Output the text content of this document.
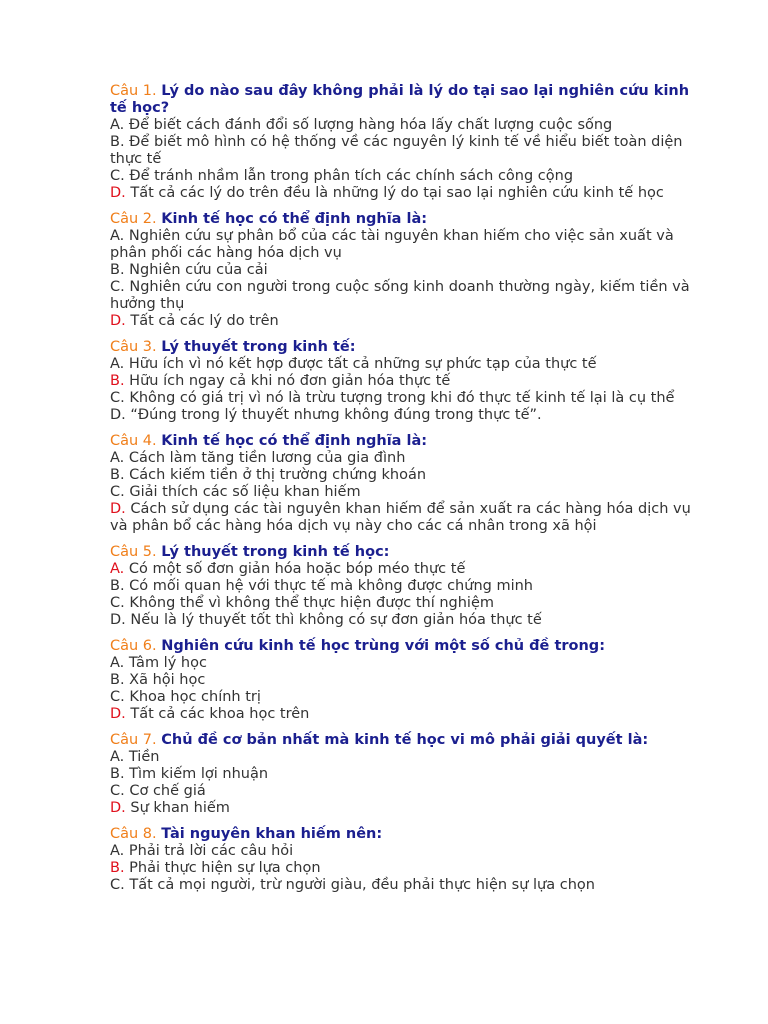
Câu 1. Lý do nào sau đây không phải là lý do tại sao lại nghiên cứu kinh tế học?
A. Để biết cách đánh đổi số lượng hàng hóa lấy chất lượng cuộc sống
B. Để biết mô hình có hệ thống về các nguyên lý kinh tế về hiểu biết toàn diện thực tế
C. Để tránh nhầm lẫn trong phân tích các chính sách công cộng
D. Tất cả các lý do trên đều là những lý do tại sao lại nghiên cứu kinh tế học
Câu 2. Kinh tế học có thể định nghĩa là:
A. Nghiên cứu sự phân bổ của các tài nguyên khan hiếm cho việc sản xuất và phân phối các hàng hóa dịch vụ
B. Nghiên cứu của cải
C. Nghiên cứu con người trong cuộc sống kinh doanh thường ngày, kiếm tiền và hưởng thụ
D. Tất cả các lý do trên
Câu 3. Lý thuyết trong kinh tế:
A. Hữu ích vì nó kết hợp được tất cả những sự phức tạp của thực tế
B. Hữu ích ngay cả khi nó đơn giản hóa thực tế
C. Không có giá trị vì nó là trừu tượng trong khi đó thực tế kinh tế lại là cụ thể
D. “Đúng trong lý thuyết nhưng không đúng trong thực tế”.
Câu 4. Kinh tế học có thể định nghĩa là:
A. Cách làm tăng tiền lương của gia đình
B. Cách kiếm tiền ở thị trường chứng khoán
C. Giải thích các số liệu khan hiếm
D. Cách sử dụng các tài nguyên khan hiếm để sản xuất ra các hàng hóa dịch vụ và phân bổ các hàng hóa dịch vụ này cho các cá nhân trong xã hội
Câu 5. Lý thuyết trong kinh tế học:
A. Có một số đơn giản hóa hoặc bóp méo thực tế
B. Có mối quan hệ với thực tế mà không được chứng minh
C. Không thể vì không thể thực hiện được thí nghiệm
D. Nếu là lý thuyết tốt thì không có sự đơn giản hóa thực tế
Câu 6. Nghiên cứu kinh tế học trùng với một số chủ đề trong:
A. Tâm lý học
B. Xã hội học
C. Khoa học chính trị
D. Tất cả các khoa học trên
Câu 7. Chủ đề cơ bản nhất mà kinh tế học vi mô phải giải quyết là:
A. Tiền
B. Tìm kiếm lợi nhuận
C. Cơ chế giá
D. Sự khan hiếm
Câu 8. Tài nguyên khan hiếm nên:
A. Phải trả lời các câu hỏi
B. Phải thực hiện sự lựa chọn
C. Tất cả mọi người, trừ người giàu, đều phải thực hiện sự lựa chọn
